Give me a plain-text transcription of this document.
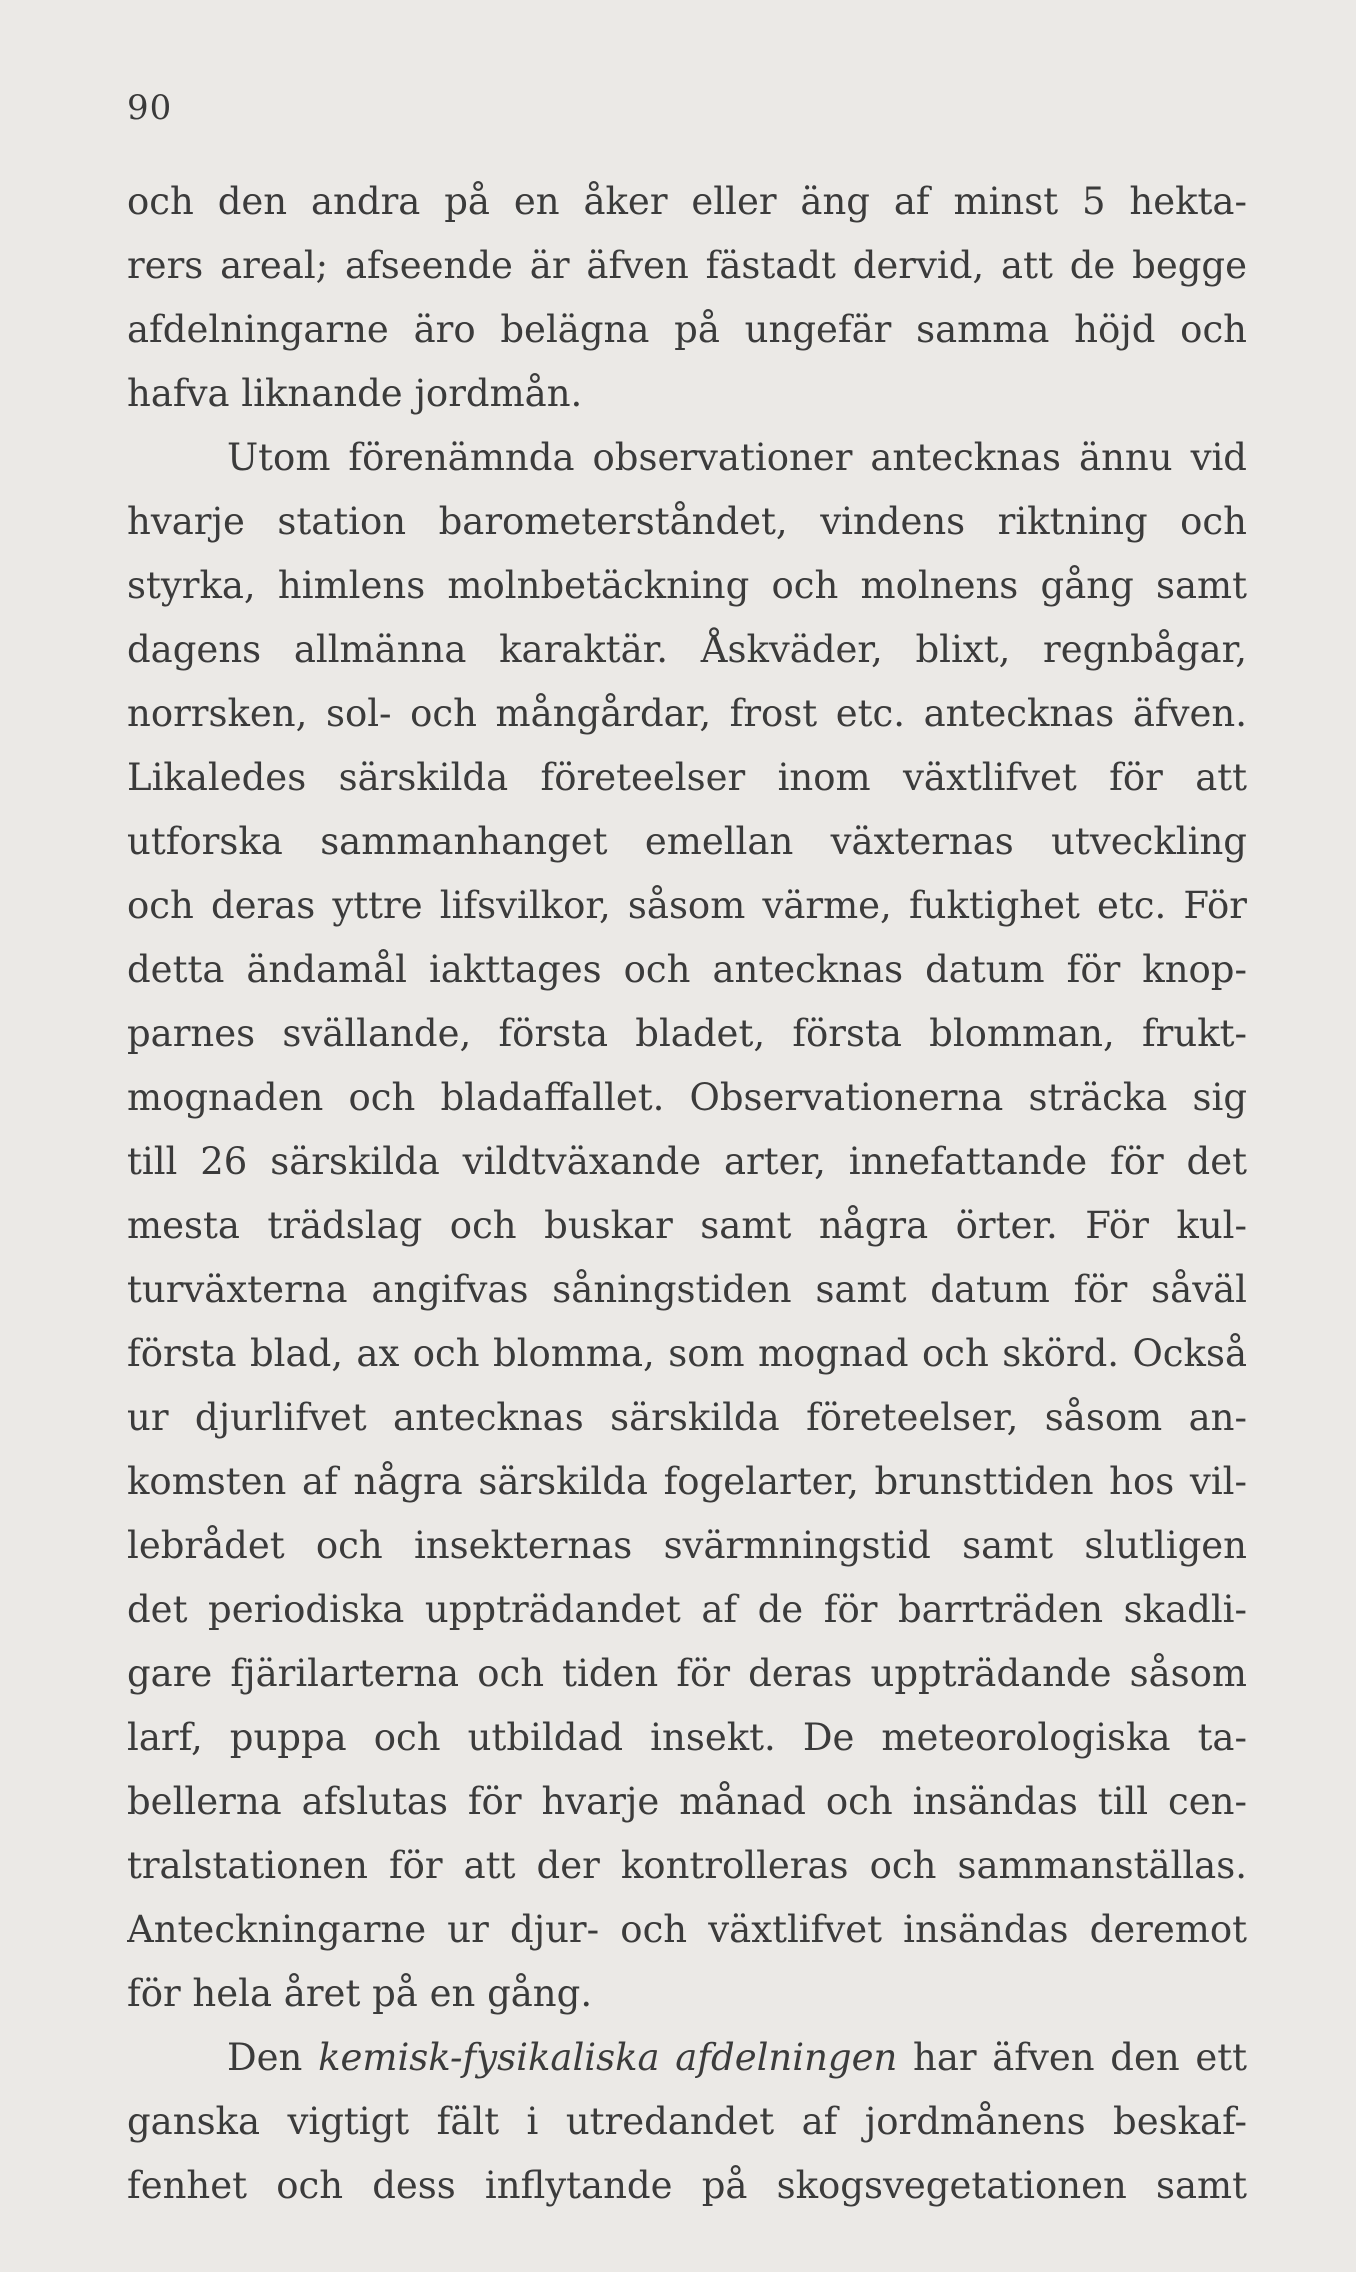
90
och den andra på en åker eller äng af minst 5 hekta-
rers areal; afseende är äfven fästadt dervid, att de begge
afdelningarne äro belägna på ungefär samma höjd och
hafva liknande jordmån.
Utom förenämnda observationer antecknas ännu vid
hvarje station barometerståndet, vindens riktning och
styrka, himlens molnbetäckning och molnens gång samt
dagens allmänna karaktär. Åskväder, blixt, regnbågar,
norrsken, sol- och mångårdar, frost etc. antecknas äfven.
Likaledes särskilda företeelser inom växtlifvet för att
utforska sammanhanget emellan växternas utveckling
och deras yttre lifsvilkor, såsom värme, fuktighet etc. För
detta ändamål iakttages och antecknas datum för knop-
parnes svällande, första bladet, första blomman, frukt-
mognaden och bladaffallet. Observationerna sträcka sig
till 26 särskilda vildtväxande arter, innefattande för det
mesta trädslag och buskar samt några örter. För kul-
turväxterna angifvas såningstiden samt datum för såväl
första blad, ax och blomma, som mognad och skörd. Också
ur djurlifvet antecknas särskilda företeelser, såsom an-
komsten af några särskilda fogelarter, brunsttiden hos vil-
lebrådet och insekternas svärmningstid samt slutligen
det periodiska uppträdandet af de för barrträden skadli-
gare fjärilarterna och tiden för deras uppträdande såsom
larf, puppa och utbildad insekt. De meteorologiska ta-
bellerna afslutas för hvarje månad och insändas till cen-
tralstationen för att der kontrolleras och sammanställas.
Anteckningarne ur djur- och växtlifvet insändas deremot
för hela året på en gång.
Den kemisk-fysikaliska afdelningen har äfven den ett
ganska vigtigt fält i utredandet af jordmånens beskaf-
fenhet och dess inflytande på skogsvegetationen samt
